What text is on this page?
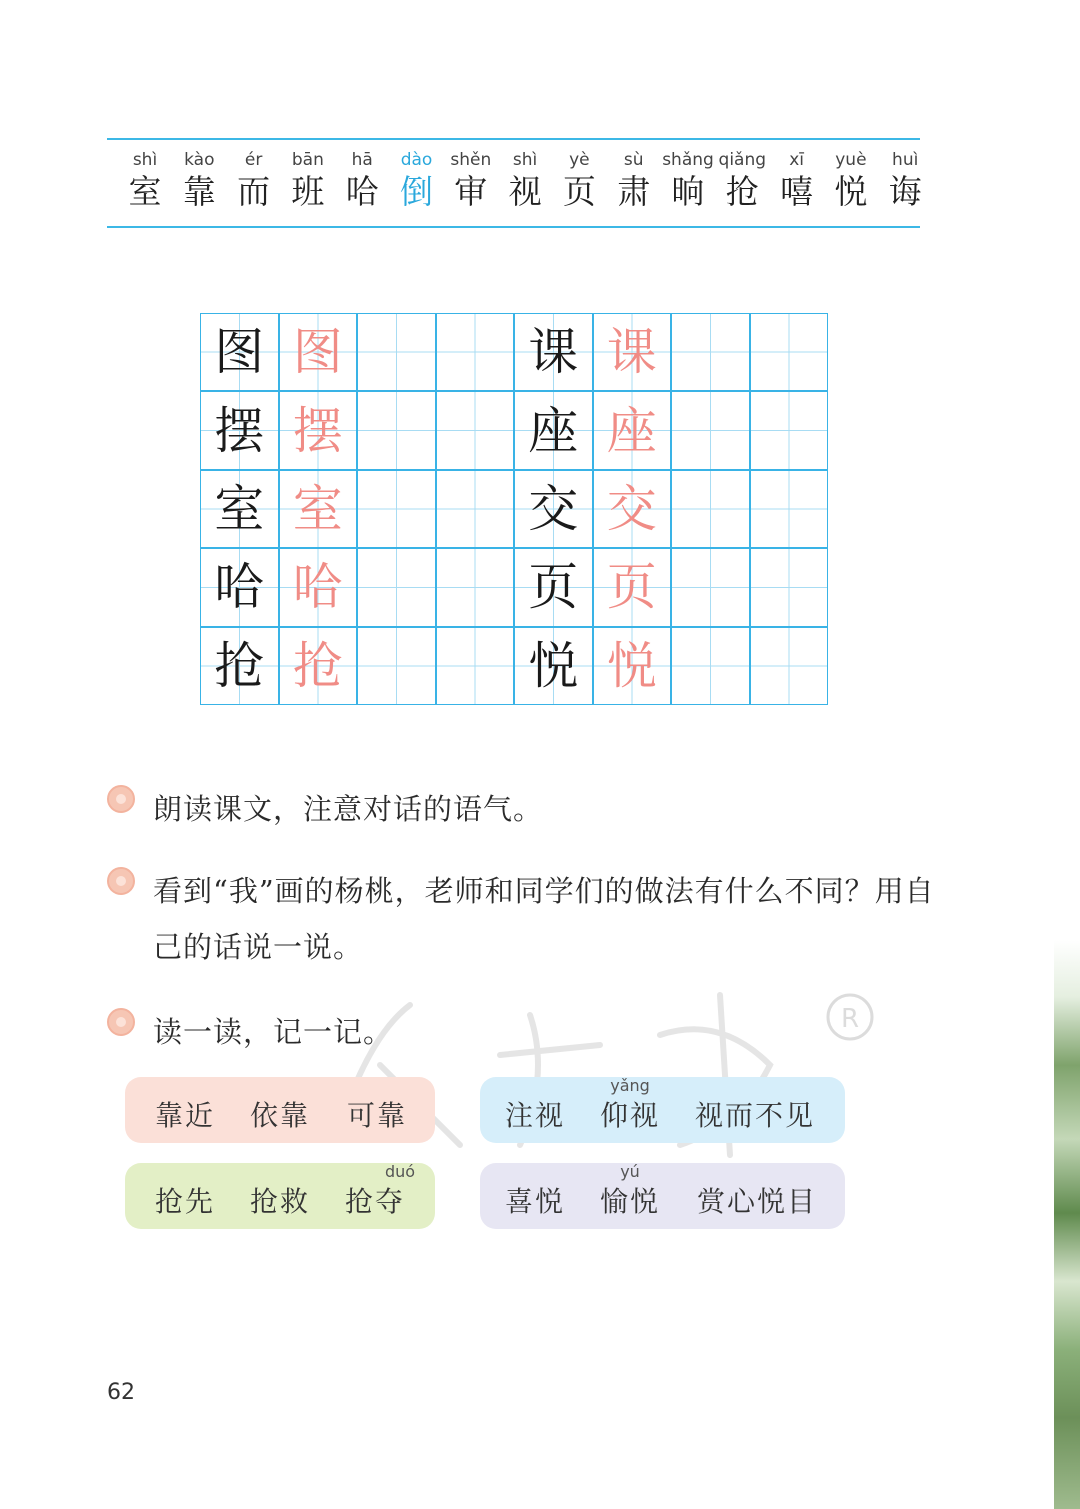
shì
室
kào
靠
ér
而
bān
班
hā
哈
dào
倒
shěn
审
shì
视
yè
页
sù
肃
shǎng
晌
qiǎng
抢
xī
嘻
yuè
悦
huì
诲
图 图	课 课
摆 摆	座 座
室 室	交 交
哈 哈	页 页
抢 抢	悦 悦
朗读课文，注意对话的语气。
看到“我”画的杨桃，老师和同学们的做法有什么不同？用自己的话说一说。
读一读，记一记。	R
靠近 依靠 可靠	注视
yǎng
仰视 视而不见
抢先 抢救
duó
抢夺	喜悦
yú
愉悦 赏心悦目
62
